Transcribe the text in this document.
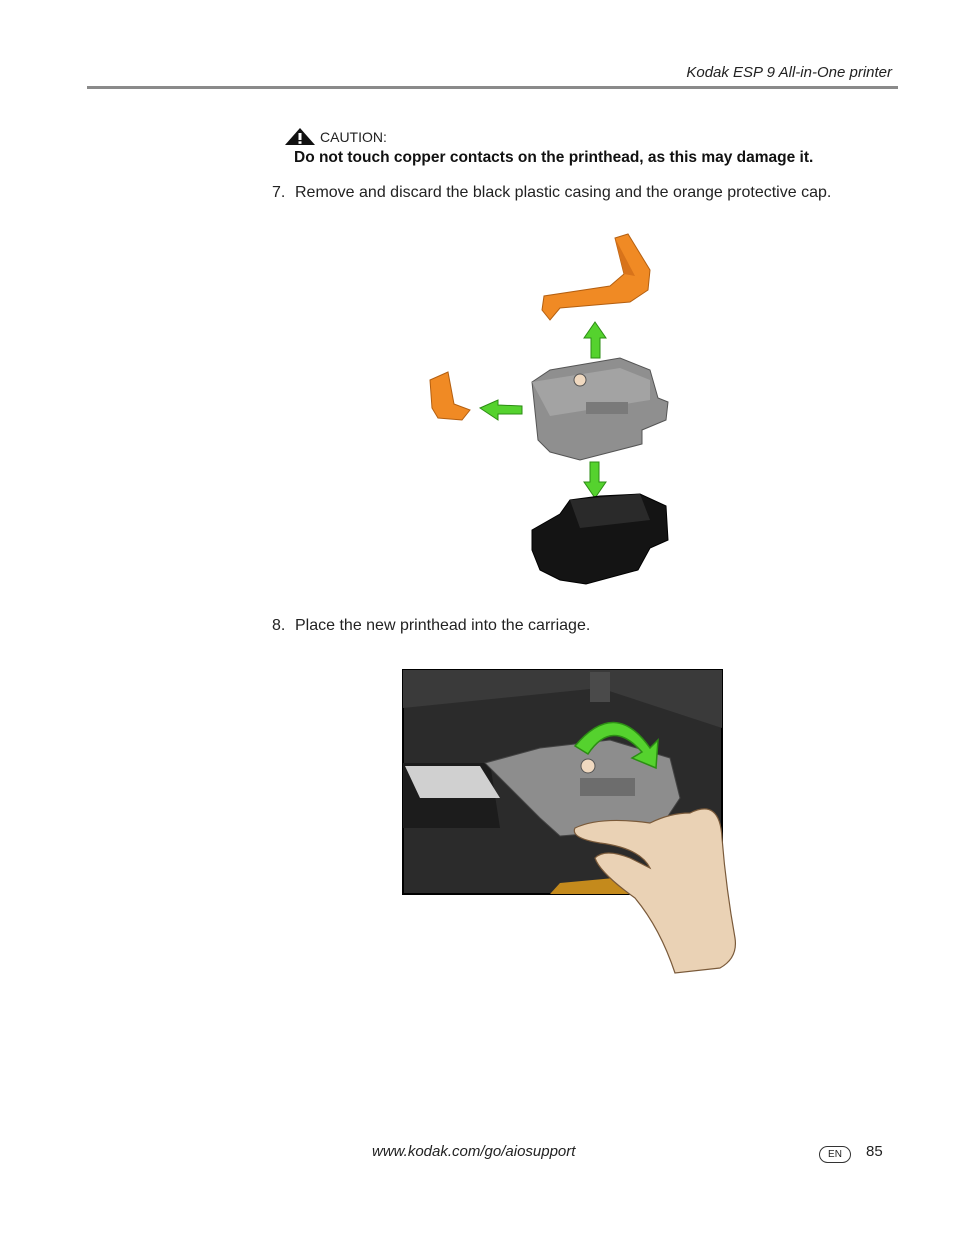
Kodak ESP 9 All-in-One printer
CAUTION:
Do not touch copper contacts on the printhead, as this may damage it.
7. Remove and discard the black plastic casing and the orange protective cap.
8. Place the new printhead into the carriage.
www.kodak.com/go/aiosupport	EN	85
